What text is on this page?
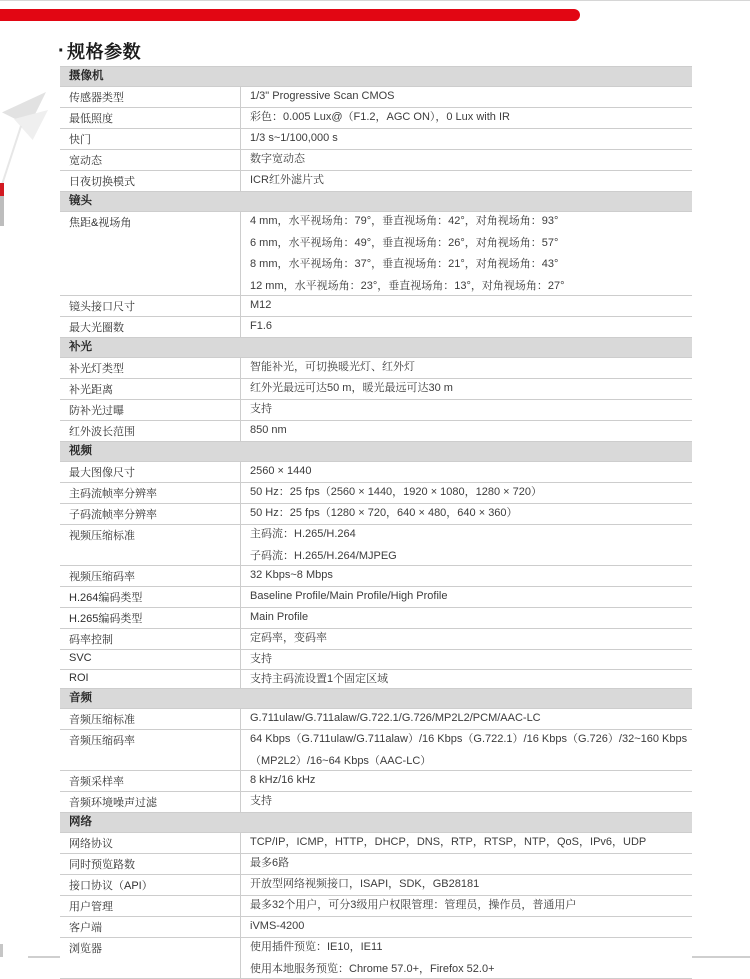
· 规格参数
摄像机
传感器类型	1/3" Progressive Scan CMOS
最低照度	彩色：0.005 Lux@（F1.2，AGC ON），0 Lux with IR
快门	1/3 s~1/100,000 s
宽动态	数字宽动态
日夜切换模式	ICR红外滤片式
镜头
焦距&视场角	4 mm，水平视场角：79°，垂直视场角：42°，对角视场角：93°
6 mm，水平视场角：49°，垂直视场角：26°，对角视场角：57°
8 mm，水平视场角：37°，垂直视场角：21°，对角视场角：43°
12 mm，水平视场角：23°，垂直视场角：13°，对角视场角：27°
镜头接口尺寸	M12
最大光圈数	F1.6
补光
补光灯类型	智能补光，可切换暖光灯、红外灯
补光距离	红外光最远可达50 m，暖光最远可达30 m
防补光过曝	支持
红外波长范围	850 nm
视频
最大图像尺寸	2560 × 1440
主码流帧率分辨率	50 Hz：25 fps（2560 × 1440，1920 × 1080，1280 × 720）
子码流帧率分辨率	50 Hz：25 fps（1280 × 720，640 × 480，640 × 360）
视频压缩标准	主码流：H.265/H.264
子码流：H.265/H.264/MJPEG
视频压缩码率	32 Kbps~8 Mbps
H.264编码类型	Baseline Profile/Main Profile/High Profile
H.265编码类型	Main Profile
码率控制	定码率，变码率
SVC	支持
ROI	支持主码流设置1个固定区域
音频
音频压缩标准	G.711ulaw/G.711alaw/G.722.1/G.726/MP2L2/PCM/AAC-LC
音频压缩码率	64 Kbps（G.711ulaw/G.711alaw）/16 Kbps（G.722.1）/16 Kbps（G.726）/32~160 Kbps
（MP2L2）/16~64 Kbps（AAC-LC）
音频采样率	8 kHz/16 kHz
音频环境噪声过滤	支持
网络
网络协议	TCP/IP，ICMP，HTTP，DHCP，DNS，RTP，RTSP，NTP，QoS，IPv6，UDP
同时预览路数	最多6路
接口协议（API）	开放型网络视频接口，ISAPI，SDK，GB28181
用户管理	最多32个用户，可分3级用户权限管理：管理员，操作员，普通用户
客户端	iVMS-4200
浏览器	使用插件预览：IE10，IE11
使用本地服务预览：Chrome 57.0+，Firefox 52.0+
